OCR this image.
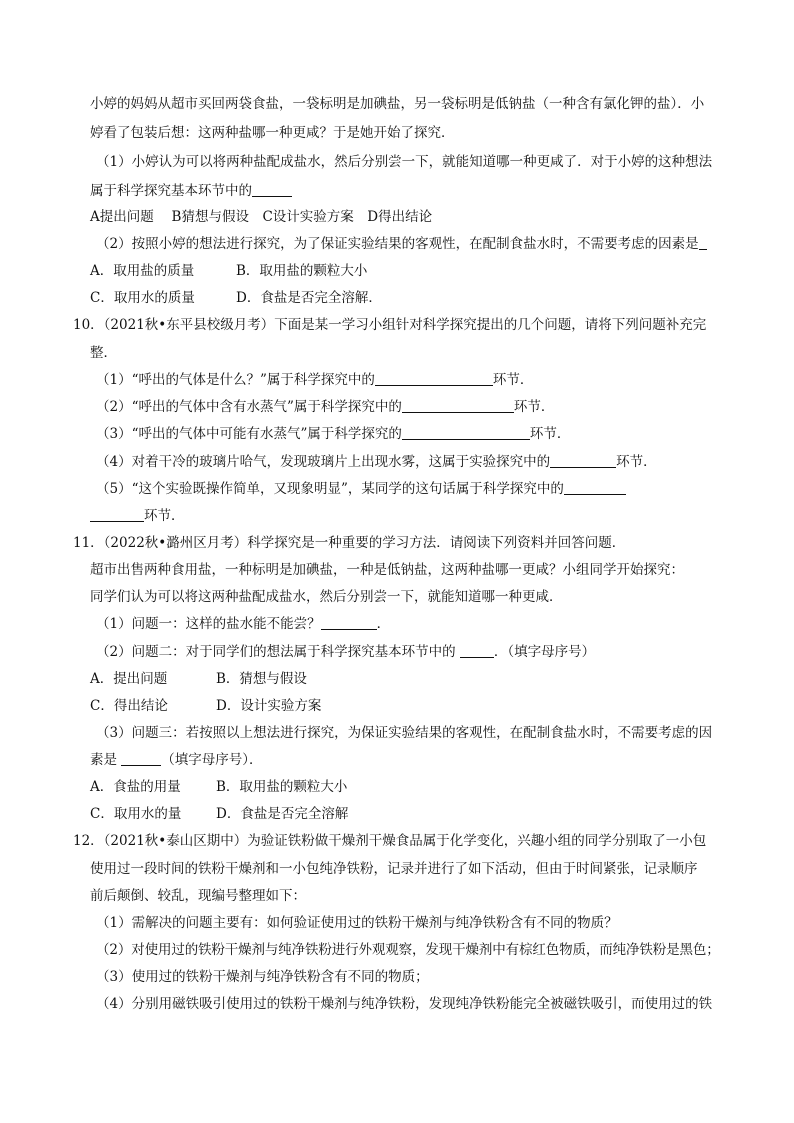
小婷的妈妈从超市买回两袋食盐，一袋标明是加碘盐，另一袋标明是低钠盐（一种含有氯化钾的盐）．小
婷看了包装后想：这两种盐哪一种更咸？于是她开始了探究．
（1）小婷认为可以将两种盐配成盐水，然后分别尝一下，就能知道哪一种更咸了．对于小婷的这种想法
属于科学探究基本环节中的
A提出问题　 B猜想与假设　C设计实验方案　D得出结论
（2）按照小婷的想法进行探究，为了保证实验结果的客观性，在配制食盐水时，不需要考虑的因素是
A．取用盐的质量	B．取用盐的颗粒大小
C．取用水的质量	D．食盐是否完全溶解．
10．（2021秋•东平县校级月考）下面是某一学习小组针对科学探究提出的几个问题，请将下列问题补充完
整．
（1）“呼出的气体是什么？”属于科学探究中的	环节．
（2）“呼出的气体中含有水蒸气”属于科学探究中的	环节．
（3）“呼出的气体中可能有水蒸气”属于科学探究的	环节．
（4）对着干冷的玻璃片哈气，发现玻璃片上出现水雾，这属于实验探究中的	环节．
（5）“这个实验既操作简单，又现象明显”，某同学的这句话属于科学探究中的
环节．
11．（2022秋•潞州区月考）科学探究是一种重要的学习方法．请阅读下列资料并回答问题．
超市出售两种食用盐，一种标明是加碘盐，一种是低钠盐，这两种盐哪一更咸？小组同学开始探究：
同学们认为可以将这两种盐配成盐水，然后分别尝一下，就能知道哪一种更咸．
（1）问题一：这样的盐水能不能尝？	．
（2）问题二：对于同学们的想法属于科学探究基本环节中的	．（填字母序号）
A．提出问题	B．猜想与假设
C．得出结论	D．设计实验方案
（3）问题三：若按照以上想法进行探究，为保证实验结果的客观性，在配制食盐水时，不需要考虑的因
素是	（填字母序号）．
A．食盐的用量	B．取用盐的颗粒大小
C．取用水的量	D．食盐是否完全溶解
12．（2021秋•泰山区期中）为验证铁粉做干燥剂干燥食品属于化学变化，兴趣小组的同学分别取了一小包
使用过一段时间的铁粉干燥剂和一小包纯净铁粉，记录并进行了如下活动，但由于时间紧张，记录顺序
前后颠倒、较乱，现编号整理如下：
（1）需解决的问题主要有：如何验证使用过的铁粉干燥剂与纯净铁粉含有不同的物质？
（2）对使用过的铁粉干燥剂与纯净铁粉进行外观观察，发现干燥剂中有棕红色物质，而纯净铁粉是黑色；
（3）使用过的铁粉干燥剂与纯净铁粉含有不同的物质；
（4）分别用磁铁吸引使用过的铁粉干燥剂与纯净铁粉，发现纯净铁粉能完全被磁铁吸引，而使用过的铁
